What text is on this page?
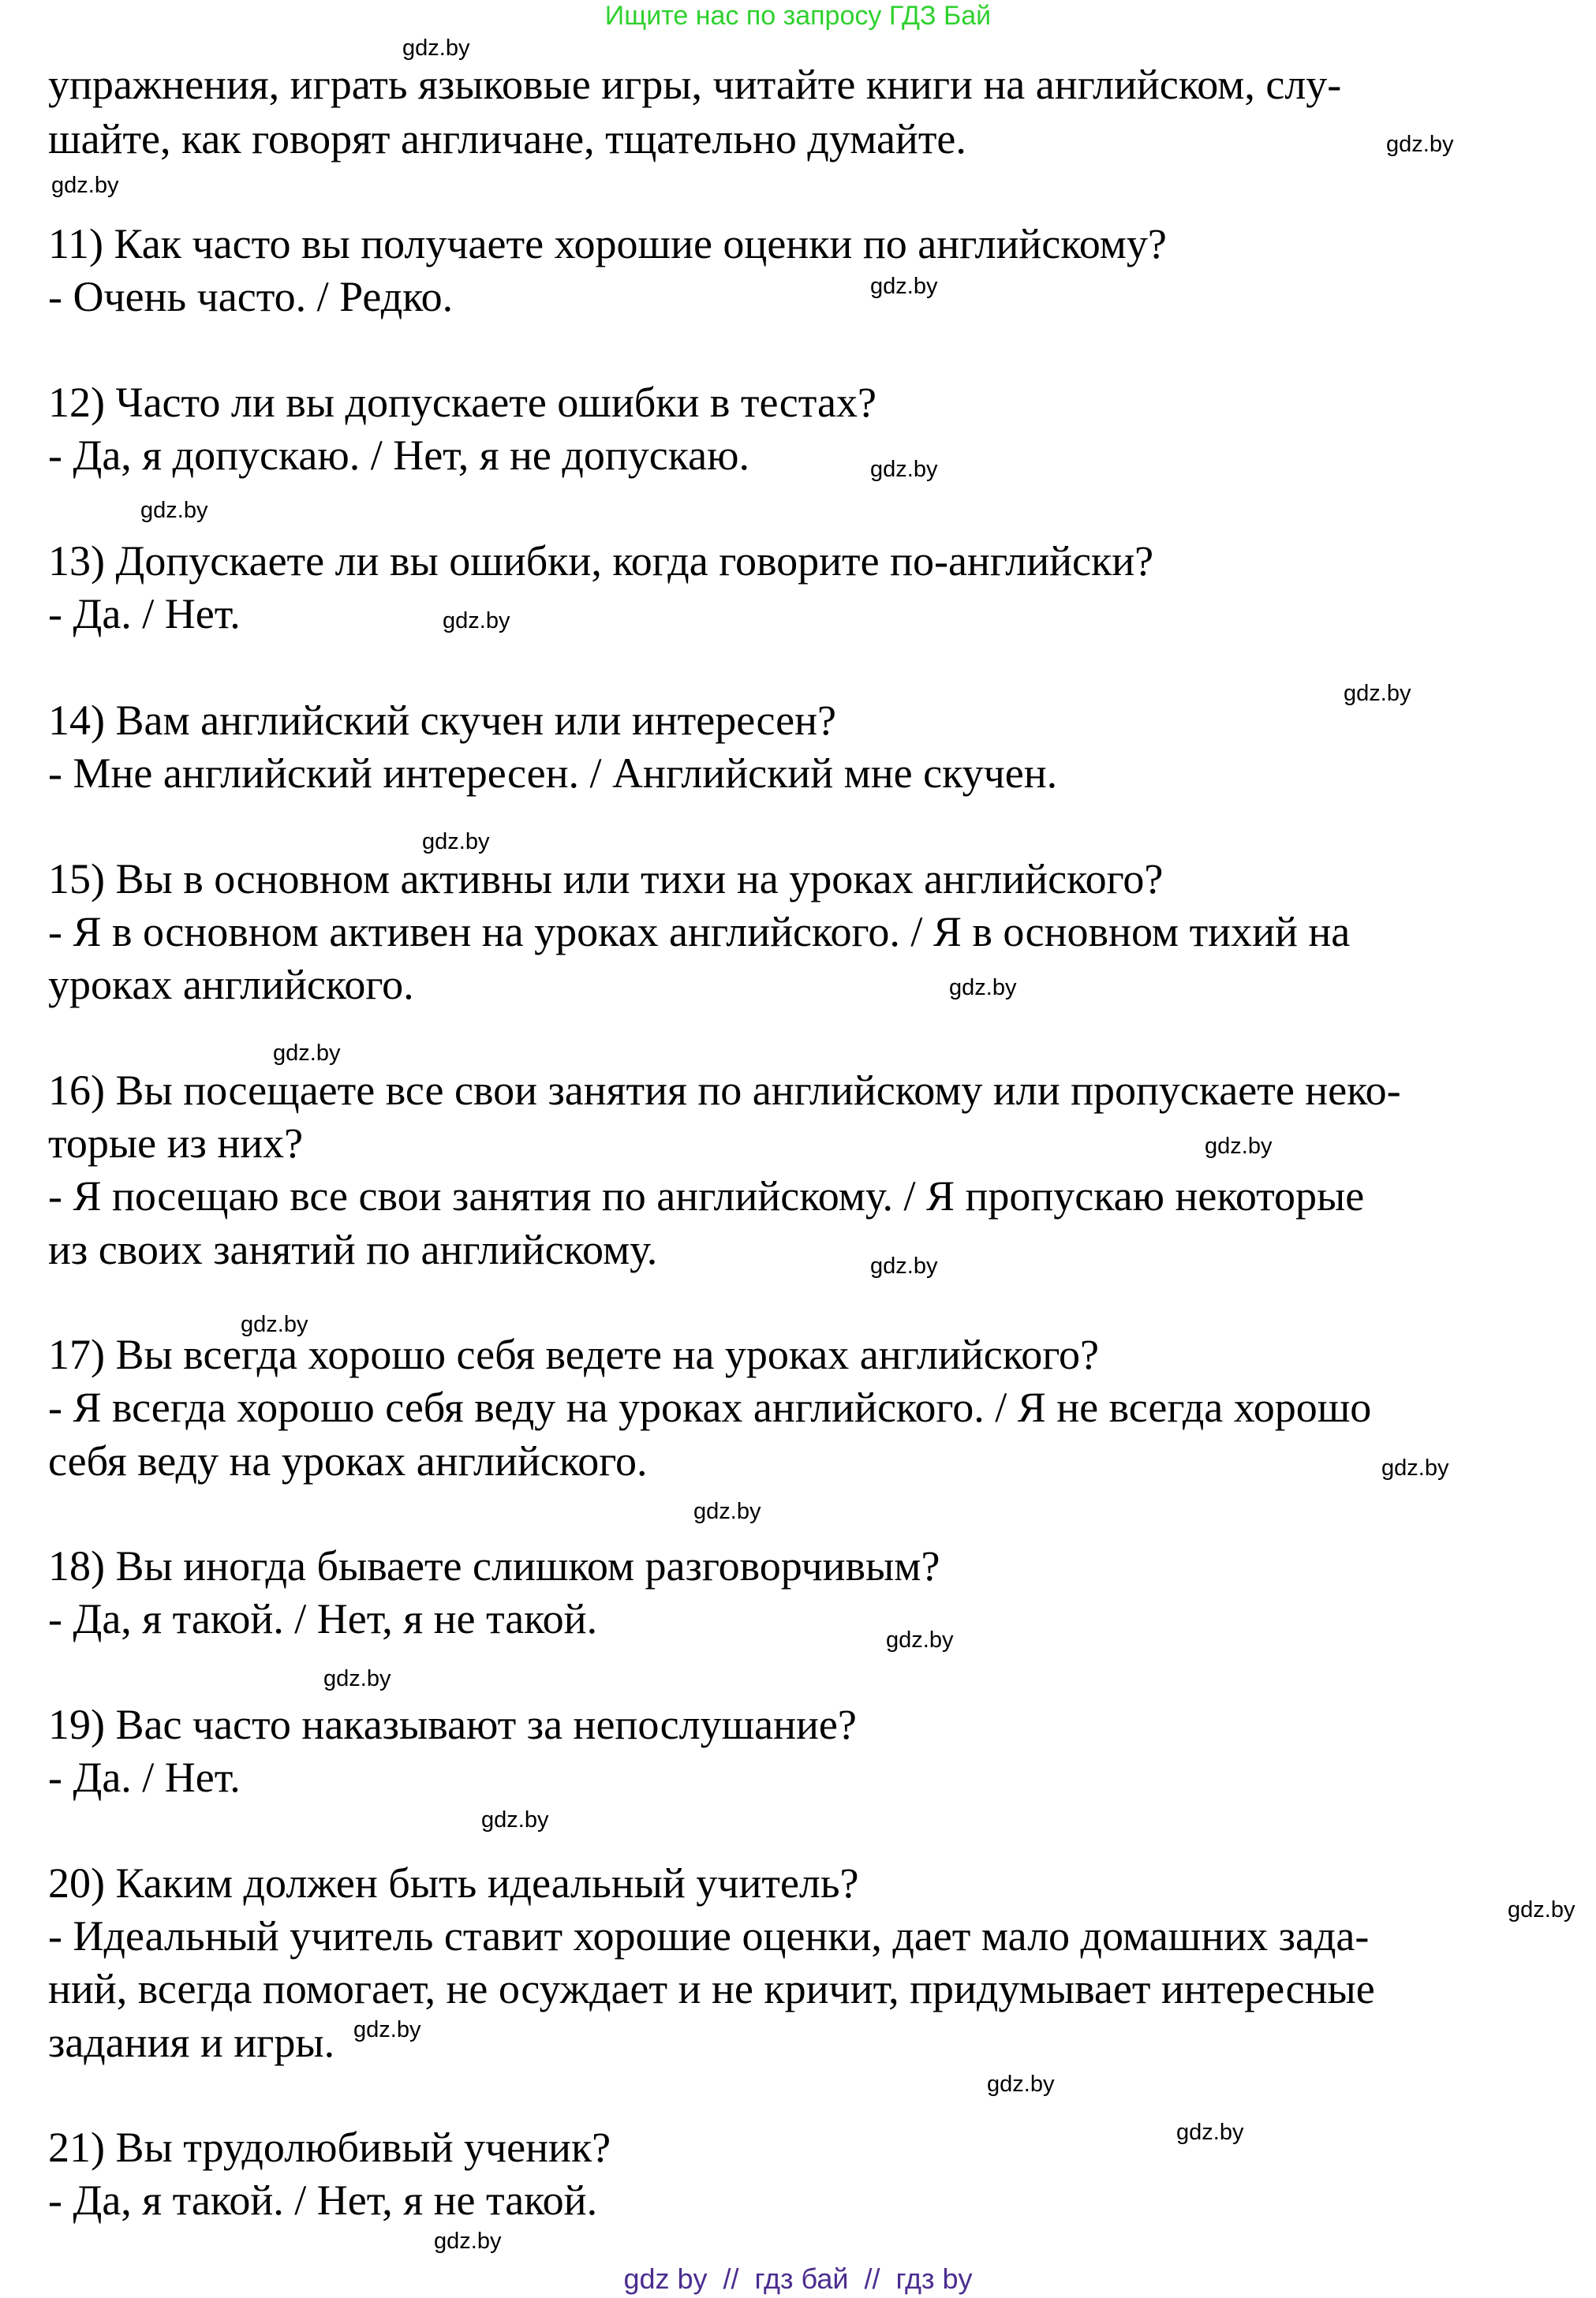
Ищите нас по запросу ГДЗ Бай
упражнения, играть языковые игры, читайте книги на английском, слу-
шайте, как говорят англичане, тщательно думайте.
11) Как часто вы получаете хорошие оценки по английскому?
- Очень часто. / Редко.
12) Часто ли вы допускаете ошибки в тестах?
- Да, я допускаю. / Нет, я не допускаю.
13) Допускаете ли вы ошибки, когда говорите по-английски?
- Да. / Нет.
14) Вам английский скучен или интересен?
- Мне английский интересен. / Английский мне скучен.
15) Вы в основном активны или тихи на уроках английского?
- Я в основном активен на уроках английского. / Я в основном тихий на
уроках английского.
16) Вы посещаете все свои занятия по английскому или пропускаете неко-
торые из них?
- Я посещаю все свои занятия по английскому. / Я пропускаю некоторые
из своих занятий по английскому.
17) Вы всегда хорошо себя ведете на уроках английского?
- Я всегда хорошо себя веду на уроках английского. / Я не всегда хорошо
себя веду на уроках английского.
18) Вы иногда бываете слишком разговорчивым?
- Да, я такой. / Нет, я не такой.
19) Вас часто наказывают за непослушание?
- Да. / Нет.
20) Каким должен быть идеальный учитель?
- Идеальный учитель ставит хорошие оценки, дает мало домашних зада-
ний, всегда помогает, не осуждает и не кричит, придумывает интересные
задания и игры.
21) Вы трудолюбивый ученик?
- Да, я такой. / Нет, я не такой.
gdz.by
gdz.by
gdz.by
gdz.by
gdz.by
gdz.by
gdz.by
gdz.by
gdz.by
gdz.by
gdz.by
gdz.by
gdz.by
gdz.by
gdz.by
gdz.by
gdz.by
gdz.by
gdz.by
gdz.by
gdz.by
gdz.by
gdz.by
gdz.by
gdz by  //  гдз бай  //  гдз by
